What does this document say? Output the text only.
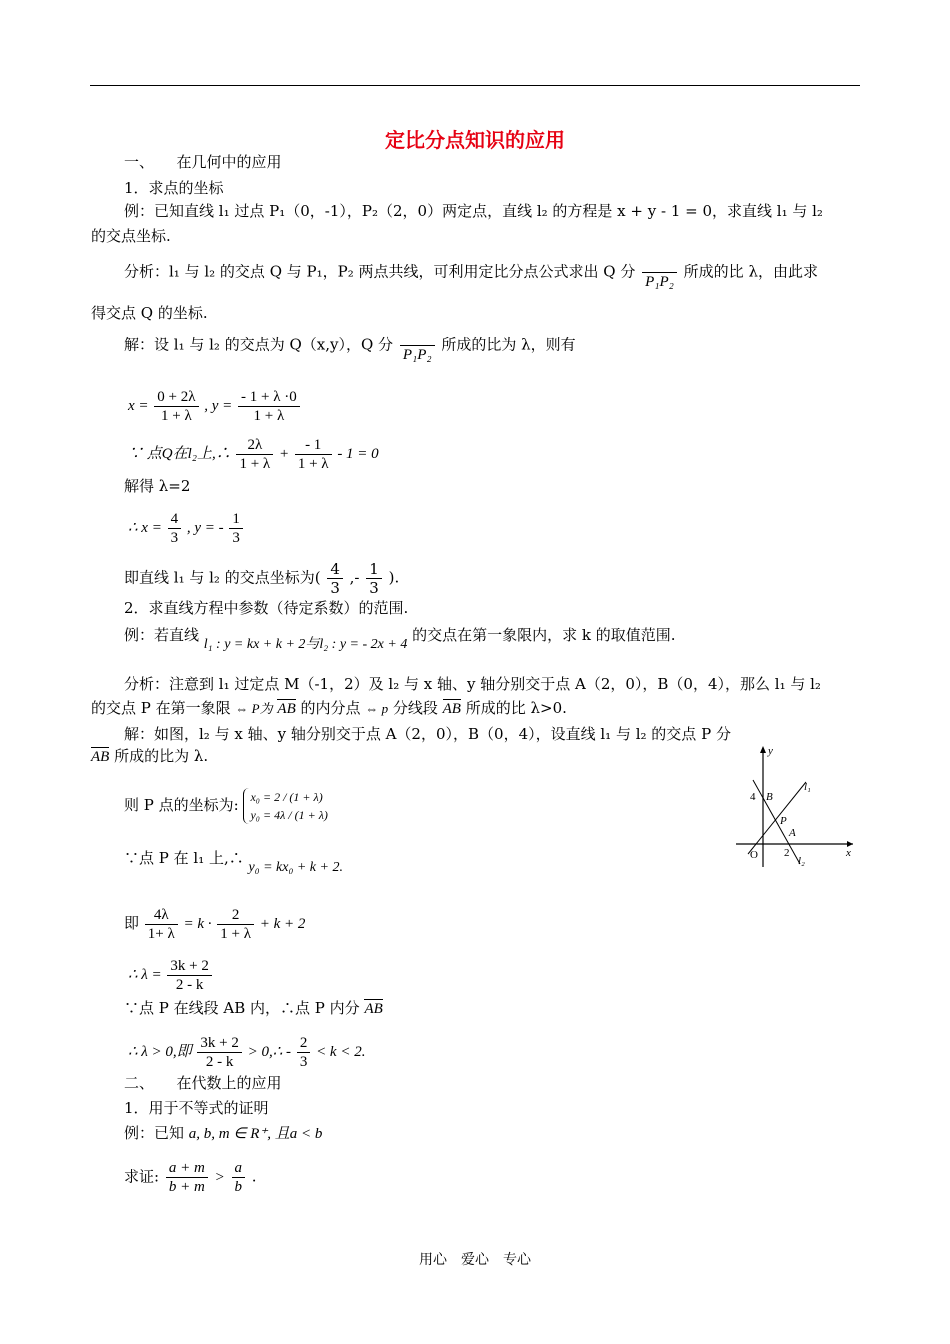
定比分点知识的应用
一、　　在几何中的应用
1．求点的坐标
例：已知直线 l₁ 过点 P₁（0，-1），P₂（2，0）两定点，直线 l₂ 的方程是 x + y - 1 = 0，求直线 l₁ 与 l₂
的交点坐标.
分析：l₁ 与 l₂ 的交点 Q 与 P₁，P₂ 两点共线，可利用定比分点公式求出 Q 分

P₁P₂
所成的比 λ，由此求
得交点 Q 的坐标.
解：设 l₁ 与 l₂ 的交点为 Q（x,y），Q 分

P₁P₂
所成的比为 λ，则有
$x = \frac{0 + 2\lambda}{1 + \lambda}$ , $y = \frac{- 1 + \lambda \cdot 0}{1 + \lambda}$
∵ 点Q在l₂上,∴ $\frac{2\lambda}{1 + \lambda} + \frac{- 1}{1 + \lambda} - 1 = 0$
解得 λ=2
∴ $x = \frac{4}{3}$ , y = - $\frac{1}{3}$
即直线 l₁ 与 l₂ 的交点坐标为( $\frac{4}{3}$ ,- $\frac{1}{3}$ ).
2．求直线方程中参数（待定系数）的范围.
例：若直线 l₁ : y = kx + k + 2与l₂ : y = - 2x + 4 的交点在第一象限内，求 k 的取值范围.
分析：注意到 l₁ 过定点 M（-1，2）及 l₂ 与 x 轴、y 轴分别交于点 A（2，0），B（0，4），那么 l₁ 与 l₂
的交点 P 在第一象限 ⇔ P为 AB 的内分点 ⇔ p 分线段 AB 所成的比 λ>0.
解：如图，l₂ 与 x 轴、y 轴分别交于点 A（2，0），B（0，4），设直线 l₁ 与 l₂ 的交点 P 分
AB 所成的比为 λ.
则 P 点的坐标为: x₀ = 2 / (1 + λ)
y₀ = 4λ / (1 + λ)
∵点 P 在 l₁ 上,∴ y₀ = kx₀ + k + 2.
即 $\frac{4\lambda}{1+ \lambda} = k \cdot \frac{2}{1 + \lambda} + k + 2$
∴ $\lambda = \frac{3k + 2}{2 - k}$
∵点 P 在线段 AB 内，∴点 P 内分 AB
∴ λ > 0,即 $\frac{3k + 2}{2 - k}$ > 0,∴ - $\frac{2}{3} < k < 2$.
二、　　在代数上的应用
1．用于不等式的证明
例：已知 a, b, m ∈ R⁺, 且a < b
求证: $\frac{a + m}{b + m} > \frac{a}{b}$ .
y
x
O
4
2
B
P
A
l₁
l₂
用心　爱心　专心
